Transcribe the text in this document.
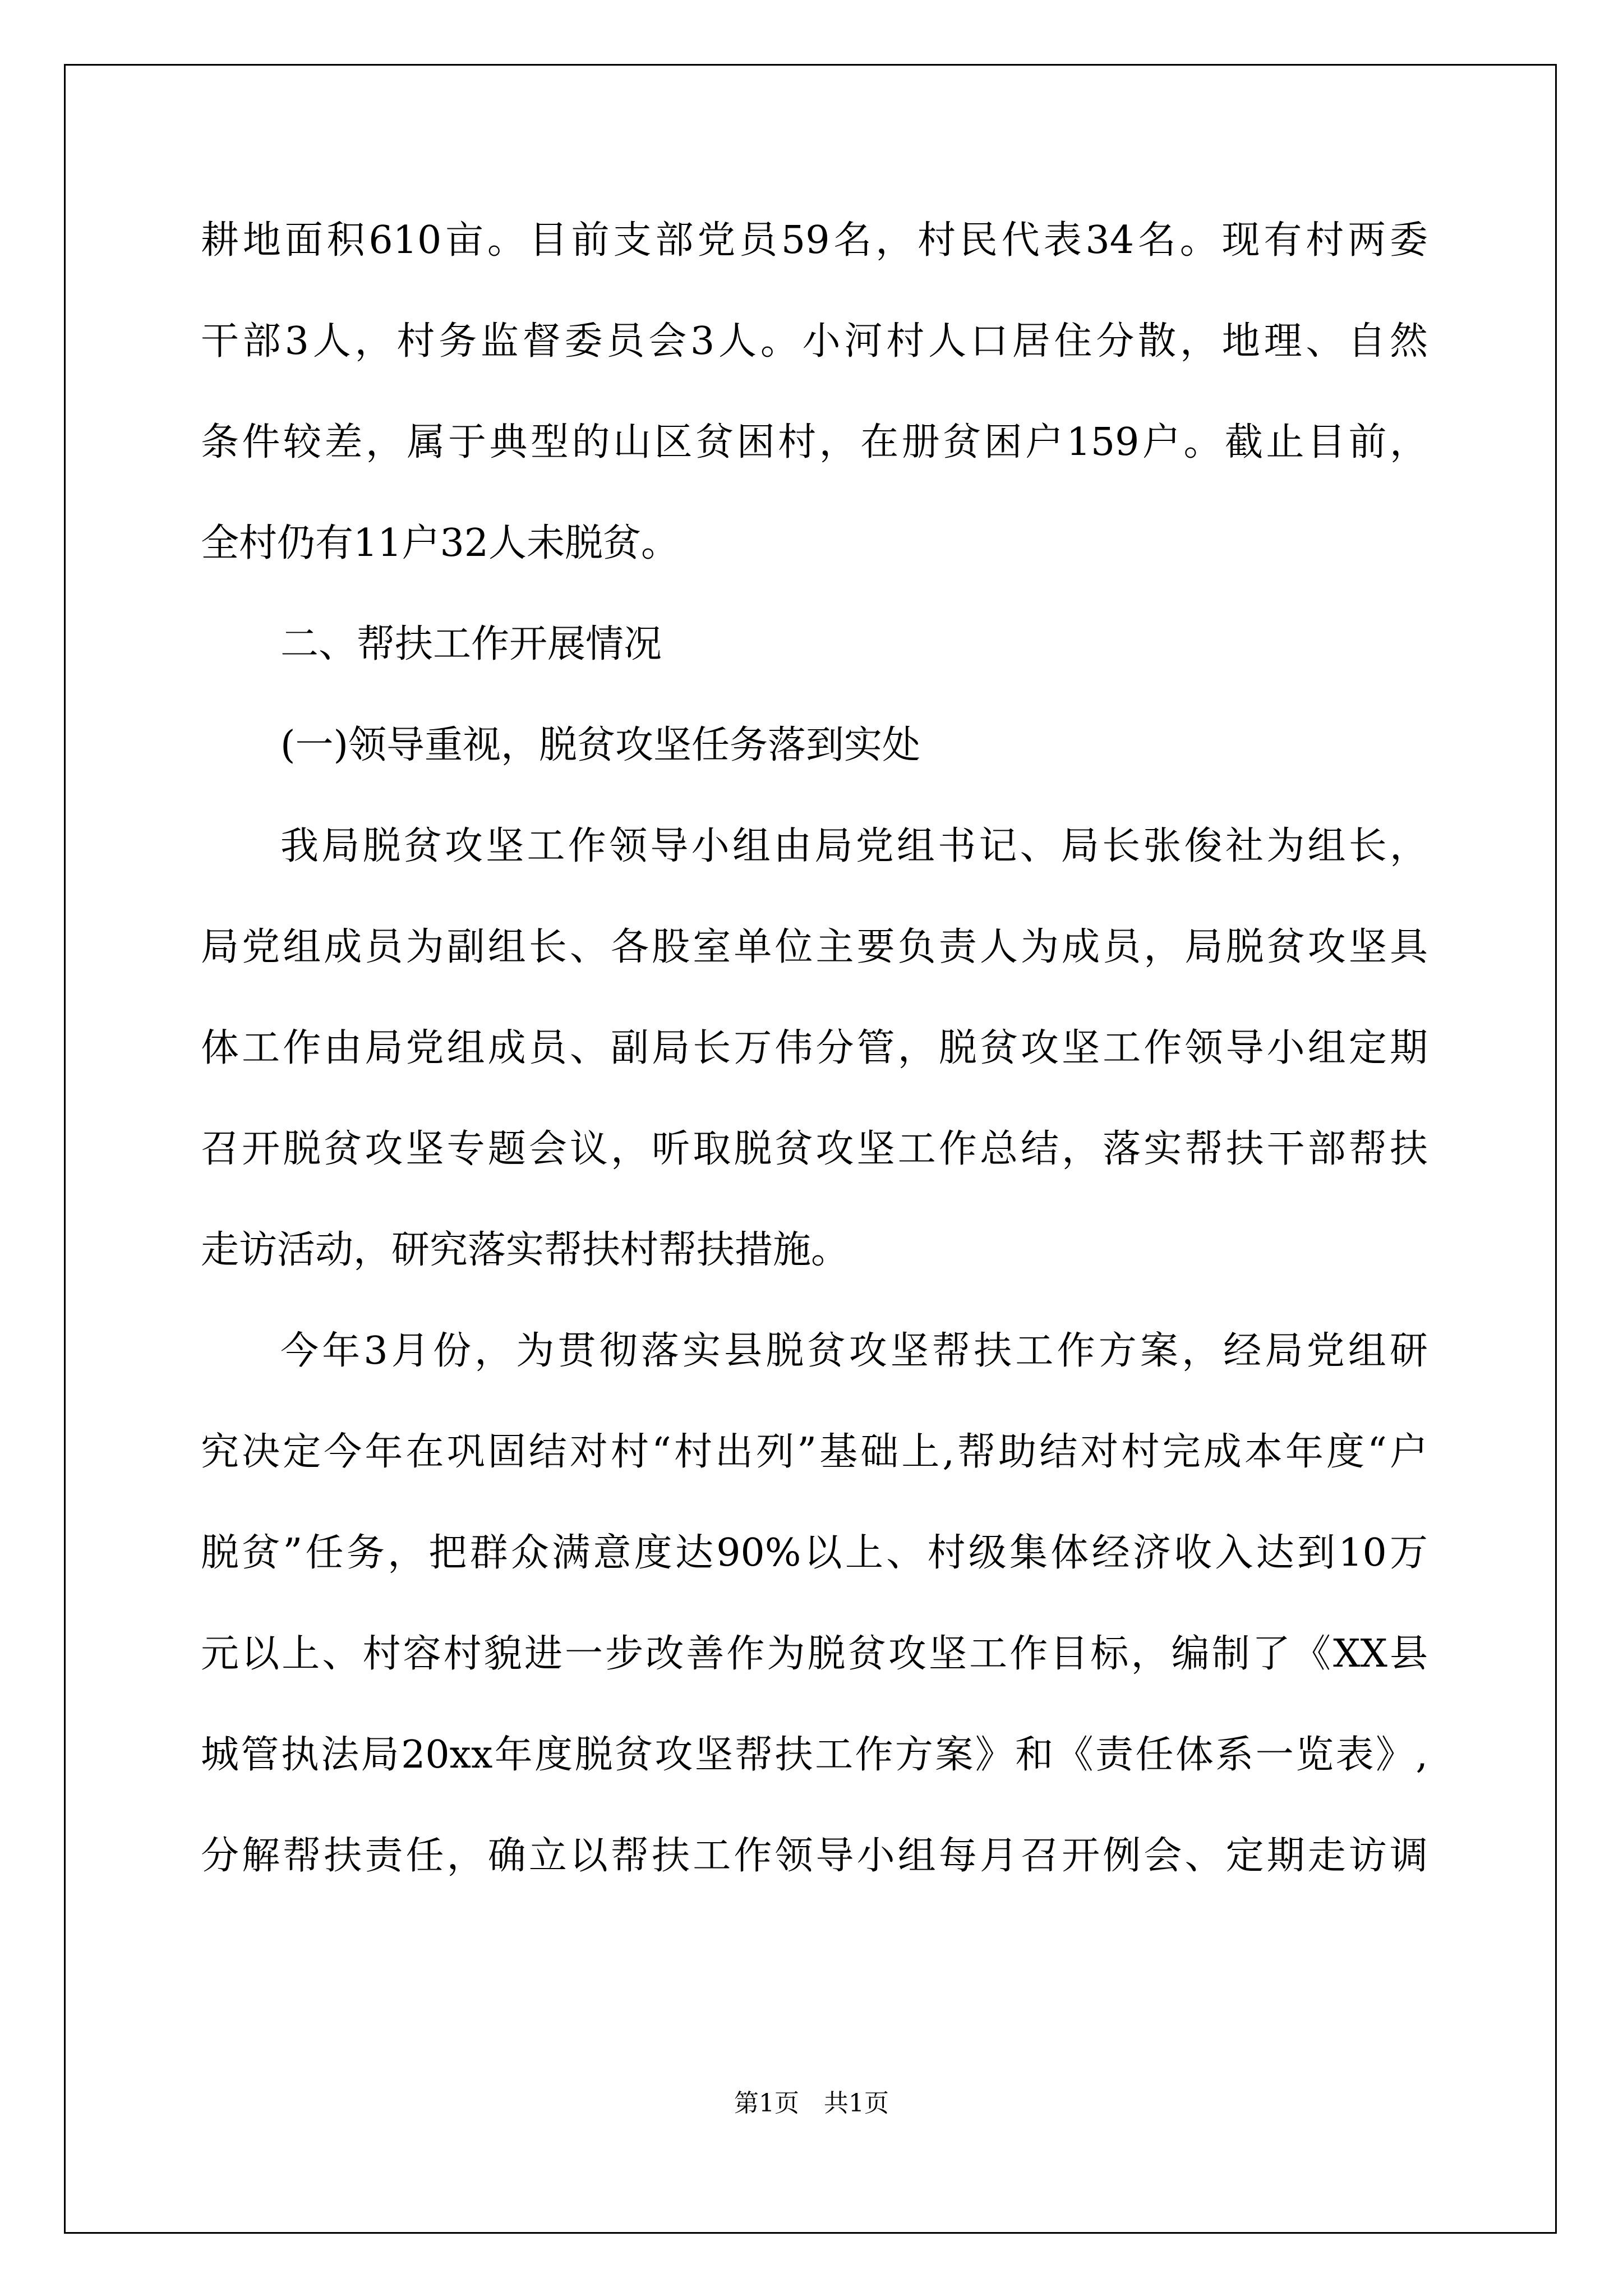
耕地面积610亩。目前支部党员59名，村民代表34名。现有村两委

干部3人，村务监督委员会3人。小河村人口居住分散，地理、自然

条件较差，属于典型的山区贫困村，在册贫困户159户。截止目前，

全村仍有11户32人未脱贫。

二、帮扶工作开展情况

(一)领导重视，脱贫攻坚任务落到实处

我局脱贫攻坚工作领导小组由局党组书记、局长张俊社为组长，

局党组成员为副组长、各股室单位主要负责人为成员，局脱贫攻坚具

体工作由局党组成员、副局长万伟分管，脱贫攻坚工作领导小组定期

召开脱贫攻坚专题会议，听取脱贫攻坚工作总结，落实帮扶干部帮扶

走访活动，研究落实帮扶村帮扶措施。

今年3月份，为贯彻落实县脱贫攻坚帮扶工作方案，经局党组研

究决定今年在巩固结对村“村出列”基础上,帮助结对村完成本年度“户

脱贫”任务，把群众满意度达90%以上、村级集体经济收入达到10万

元以上、村容村貌进一步改善作为脱贫攻坚工作目标，编制了《XX县

城管执法局20xx年度脱贫攻坚帮扶工作方案》和《责任体系一览表》,

分解帮扶责任，确立以帮扶工作领导小组每月召开例会、定期走访调

第1页　共1页
